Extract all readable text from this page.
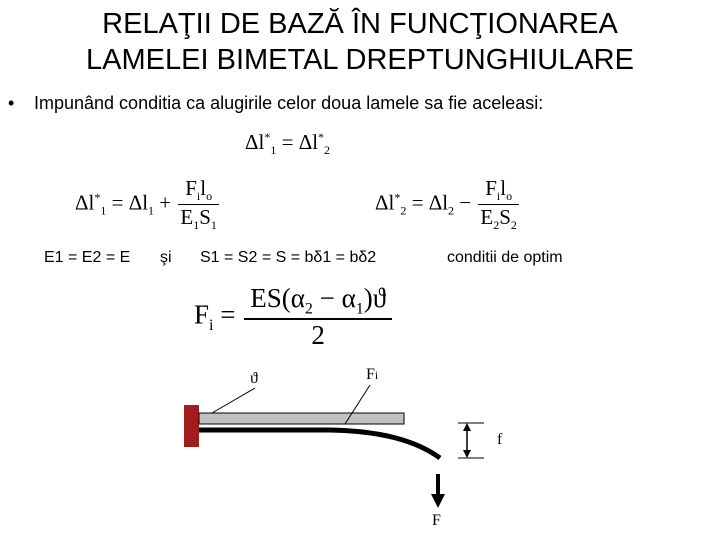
RELAŢII DE BAZĂ ÎN FUNCŢIONAREA
LAMELEI BIMETAL DREPTUNGHIULARE
• Impunând conditia ca alugirile celor doua lamele sa fie aceleasi:
$\Delta l^*_1 = \Delta l^*_2$
$\Delta l^*_1 = \Delta l_1 + \frac{F_il_o}{E_1S_1}$	$\Delta l^*_2 = \Delta l_2 - \frac{F_il_o}{E_2S_2}$
E1 = E2 = E şi S1 = S2 = S = bδ1 = bδ2	conditii de optim
$F_i = \frac{ES(\alpha_2 - \alpha_1)ϑ}{2}$
ϑ	Fi
f
F
